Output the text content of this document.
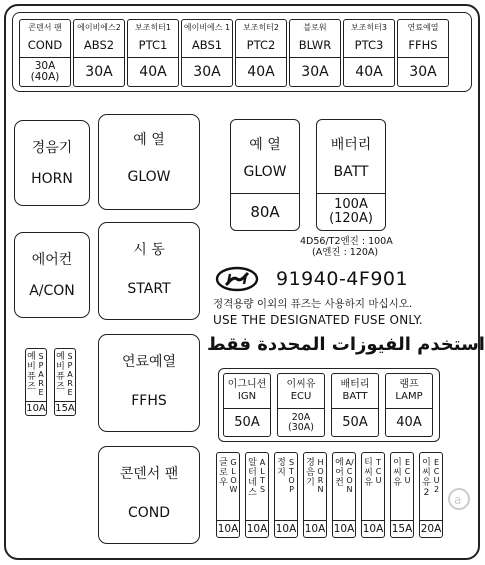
콘덴서 팬
COND
30A
(40A)
에이비에스2
ABS2
30A
보조히터1
PTC1
40A
에이비에스 1
ABS1
30A
보조히터2
PTC2
40A
블로워
BLWR
30A
보조히터3
PTC3
40A
연료예열
FFHS
30A
경음기
HORN
에어컨
A/CON
예 열
GLOW
시 동
START
연료예열
FFHS
콘덴서 팬
COND
예 열
GLOW
80A
배터리
BATT
100A
(120A)
4D56/T2엔진 : 100A
(A엔진 : 120A)
91940-4F901
정격용량 이외의 퓨즈는 사용하지 마십시오.
USE THE DESIGNATED FUSE ONLY.
استخدم الفيوزات المحددة فقط
예비퓨즈
SPARE
10A
예비퓨즈
SPARE
15A
이그니션
IGN
50A
이씨유
ECU
20A
(30A)
배터리
BATT
50A
램프
LAMP
40A
글로우
GLOW
10A
알터네스
ALTS
10A
정지
STOP
10A
경음기
HORN
10A
에어컨
A/CON
10A
티씨유
TCU
10A
이씨유
ECU
15A
이씨유2
ECU2
20A
a
